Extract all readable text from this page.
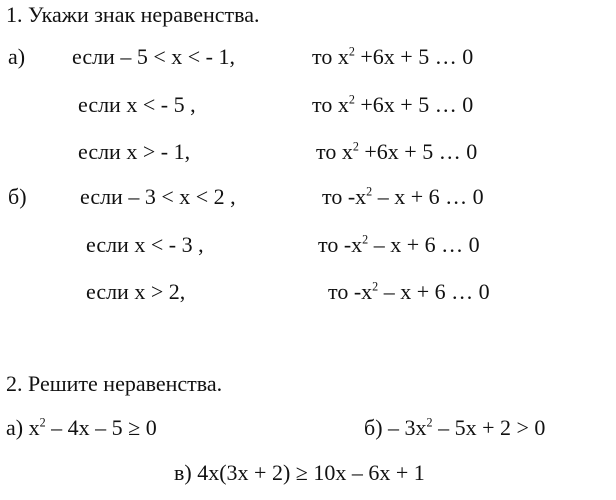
1. Укажи знак неравенства.
а) если – 5 < х < - 1,	то $х^2 +6х + 5$ … 0
если х < - 5 ,	то $х^2 +6х + 5$ … 0
если х > - 1,	то $х^2 +6х + 5$ … 0
б) если – 3 < х < 2 ,	то $-х^2 - х + 6$ … 0
если х < - 3 ,	то $-х^2 - х + 6$ … 0
если х > 2,	то $-х^2 - х + 6$ … 0
2. Решите неравенства.
а) $х^2 - 4х - 5 \ge 0$	$б) - 3х^2 - 5х + 2 > 0$
в) 4х(3х + 2) ≥ 10х – 6х + 1
